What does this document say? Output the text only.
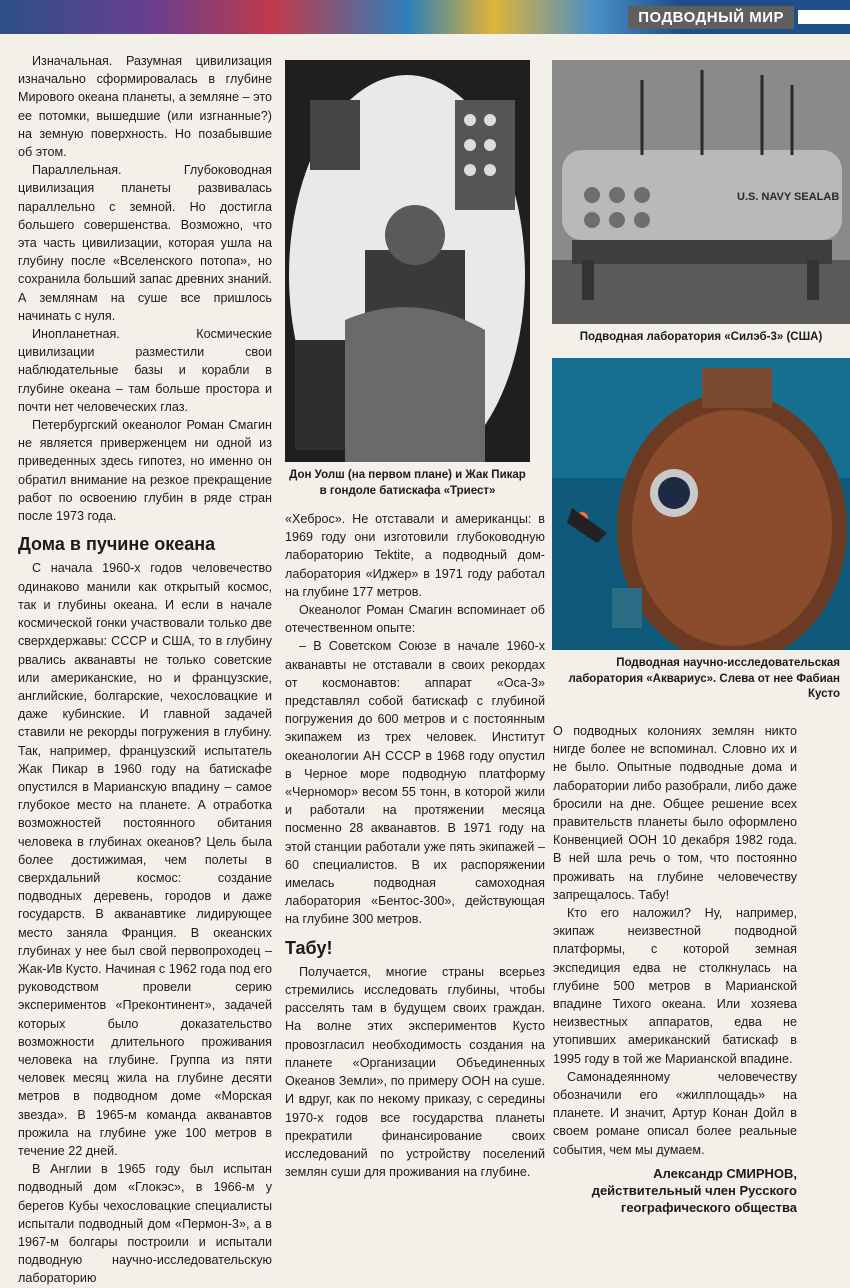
ПОДВОДНЫЙ МИР

Изначальная. Разумная цивилизация изначально сформировалась в глубине Мирового океана планеты, а земляне – это ее потомки, вышедшие (или изгнанные?) на земную поверхность. Но позабывшие об этом.

Параллельная. Глубоководная цивилизация планеты развивалась параллельно с земной. Но достигла большего совершенства. Возможно, что эта часть цивилизации, которая ушла на глубину после «Вселенского потопа», но сохранила больший запас древних знаний. А землянам на суше все пришлось начинать с нуля.

Инопланетная. Космические цивилизации разместили свои наблюдательные базы и корабли в глубине океана – там больше простора и почти нет человеческих глаз.

Петербургский океанолог Роман Смагин не является приверженцем ни одной из приведенных здесь гипотез, но именно он обратил внимание на резкое прекращение работ по освоению глубин в ряде стран после 1973 года.

Дома в пучине океана

С начала 1960-х годов человечество одинаково манили как открытый космос, так и глубины океана. И если в начале космической гонки участвовали только две сверхдержавы: СССР и США, то в глубину рвались акванавты не только советские или американские, но и французские, английские, болгарские, чехословацкие и даже кубинские. И главной задачей ставили не рекорды погружения в глубину. Так, например, французский испытатель Жак Пикар в 1960 году на батискафе опустился в Марианскую впадину – самое глубокое место на планете. А отработка возможностей постоянного обитания человека в глубинах океанов? Цель была более достижимая, чем полеты в сверхдальний космос: создание подводных деревень, городов и даже государств. В акванавтике лидирующее место заняла Франция. В океанских глубинах у нее был свой первопроходец – Жак-Ив Кусто. Начиная с 1962 года под его руководством провели серию экспериментов «Преконтинент», задачей которых было доказательство возможности длительного проживания человека на глубине. Группа из пяти человек месяц жила на глубине десяти метров в подводном доме «Морская звезда». В 1965-м команда акванавтов прожила на глубине уже 100 метров в течение 22 дней.

В Англии в 1965 году был испытан подводный дом «Глокэс», в 1966-м у берегов Кубы чехословацкие специалисты испытали подводный дом «Пермон-3», а в 1967-м болгары построили и испытали подводную научно-исследовательскую лабораторию

Дон Уолш (на первом плане) и Жак Пикар в гондоле батискафа «Триест»
U.S. NAVY SEALAB
Подводная лаборатория «Силэб-3» (США)
Подводная научно-исследовательская лаборатория «Аквариус». Слева от нее Фабиан Кусто

«Хеброс». Не отставали и американцы: в 1969 году они изготовили глубоководную лабораторию Tektite, а подводный дом-лаборатория «Иджер» в 1971 году работал на глубине 177 метров.

Океанолог Роман Смагин вспоминает об отечественном опыте:

– В Советском Союзе в начале 1960-х акванавты не отставали в своих рекордах от космонавтов: аппарат «Оса-3» представлял собой батискаф с глубиной погружения до 600 метров и с постоянным экипажем из трех человек. Институт океанологии АН СССР в 1968 году опустил в Черное море подводную платформу «Черномор» весом 55 тонн, в которой жили и работали на протяжении месяца посменно 28 акванавтов. В 1971 году на этой станции работали уже пять экипажей – 60 специалистов. В их распоряжении имелась подводная самоходная лаборатория «Бентос-300», действующая на глубине 300 метров.

Табу!

Получается, многие страны всерьез стремились исследовать глубины, чтобы расселять там в будущем своих граждан. На волне этих экспериментов Кусто провозгласил необходимость создания на планете «Организации Объединенных Океанов Земли», по примеру ООН на суше. И вдруг, как по некому приказу, с середины 1970-х годов все государства планеты прекратили финансирование своих исследований по устройству поселений землян суши для проживания на глубине.

О подводных колониях землян никто нигде более не вспоминал. Словно их и не было. Опытные подводные дома и лаборатории либо разобрали, либо даже бросили на дне. Общее решение всех правительств планеты было оформлено Конвенцией ООН 10 декабря 1982 года. В ней шла речь о том, что постоянно проживать на глубине человечеству запрещалось. Табу!

Кто его наложил? Ну, например, экипаж неизвестной подводной платформы, с которой земная экспедиция едва не столкнулась на глубине 500 метров в Марианской впадине Тихого океана. Или хозяева неизвестных аппаратов, едва не утопивших американский батискаф в 1995 году в той же Марианской впадине.

Самонадеянному человечеству обозначили его «жилплощадь» на планете. И значит, Артур Конан Дойл в своем романе описал более реальные события, чем мы думаем.

Александр СМИРНОВ,
действительный член Русского
географического общества
